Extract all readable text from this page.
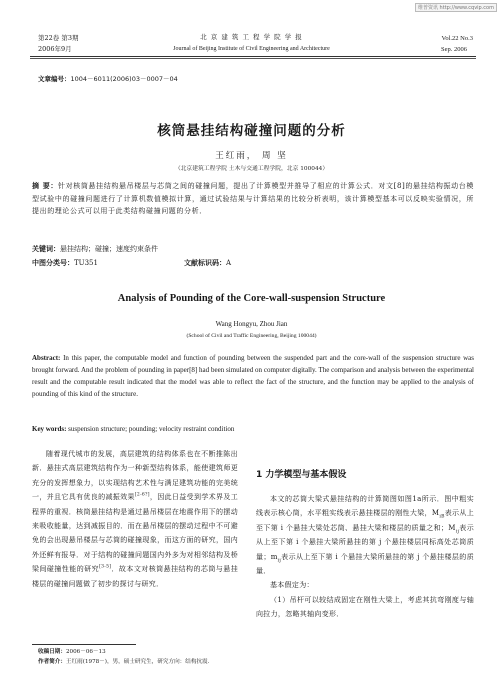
维普资讯 http://www.cqvip.com
第22卷 第3期
2006年9月
北 京 建 筑 工 程 学 院 学 报
Journal of Beijing Institute of Civil Engineering and Architecture
Vol.22 No.3
Sep. 2006
文章编号：1004－6011(2006)03－0007－04
核筒悬挂结构碰撞问题的分析
王红雨， 周 坚
（北京建筑工程学院 土木与交通工程学院，北京 100044）
摘 要：针对核筒悬挂结构悬吊楼层与芯筒之间的碰撞问题，提出了计算模型并推导了相应的计算公式．对文[8]的悬挂结构振动台模型试验中的碰撞问题进行了计算机数值模拟计算，通过试验结果与计算结果的比较分析表明，该计算模型基本可以反映实验情况，所提出的理论公式可以用于此类结构碰撞问题的分析．
关键词：悬挂结构；碰撞；速度约束条件
中图分类号：TU351	文献标识码：A
Analysis of Pounding of the Core-wall-suspension Structure
Wang Hongyu, Zhou Jian
(School of Civil and Traffic Engineering, Beijing 100044)
Abstract: In this paper, the computable model and function of pounding between the suspended part and the core-wall of the suspension structure was brought forward. And the problem of pounding in paper[8] had been simulated on computer digitally. The comparison and analysis between the experimental result and the computable result indicated that the model was able to reflect the fact of the structure, and the function may be applied to the analysis of pounding of this kind of the structure.
Key words: suspension structure; pounding; velocity restraint condition

随着现代城市的发展，高层建筑的结构体系也在不断推陈出新．悬挂式高层建筑结构作为一种新型结构体系，能使建筑师更充分的发挥想象力，以实现结构艺术性与满足建筑功能的完美统一，并且它具有优良的减振效果[2-6?]，因此日益受到学术界及工程界的重视．核筒悬挂结构是通过悬吊楼层在地震作用下的摆动来吸收能量，达到减振目的．而在悬吊楼层的摆动过程中不可避免的会出现悬吊楼层与芯筒的碰撞现象，而这方面的研究，国内外还鲜有报导．对于结构的碰撞问题国内外多为对相邻结构及桥梁间碰撞性能的研究[3-5]．故本文对核筒悬挂结构的芯筒与悬挂楼层的碰撞问题做了初步的探讨与研究．

1 力学模型与基本假设

本文的芯筒大梁式悬挂结构的计算简图如图1a所示．图中粗实线表示核心筒，水平粗实线表示悬挂楼层的刚性大梁，$M_{iB}$表示从上至下第 i 个悬挂大梁处芯筒、悬挂大梁和楼层的质量之和；$M_{ij}$表示从上至下第 i 个悬挂大梁所悬挂的第 j 个悬挂楼层同标高处芯筒质量；$m_{ij}$表示从上至下第 i 个悬挂大梁所悬挂的第 j 个悬挂楼层的质量．

基本假定为：

（1）吊杆可以较结成固定在刚性大梁上，考虑其抗弯刚度与轴向拉力，忽略其轴向变形．

收稿日期：2006－06－13
作者简介：王红雨(1978－)，男，硕士研究生，研究方向：结构抗震．
